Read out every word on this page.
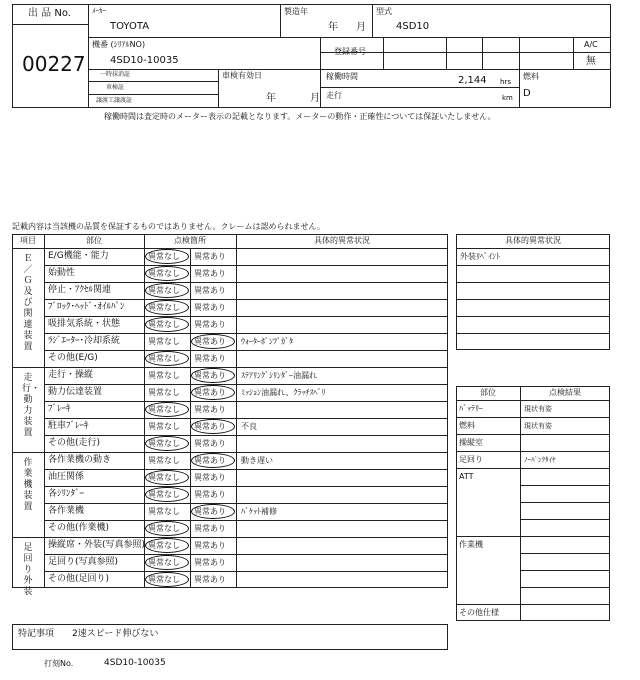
出 品 No.
00227
ﾒｰｶｰ
TOYOTA
製造年
年 月
型式
4SD10
機番 (ｼﾘｱﾙNO)
4SD10-10035
登録番号
A/C
無
一時抹消証
車検証
譲渡工譲渡証
車検有効日
年	月
稼働時間	2,144 hrs
走行	km
燃料
D
稼働時間は査定時のメーター表示の記載となります。メーターの動作・正確性については保証いたしません。
記載内容は当該機の品質を保証するものではありません。クレームは認められません。
項目	部位	点検箇所	具体的異常状況
Ｅ／Ｇ及び関連装置
E/G機能・能力	異常なし 異常あり
始動性	異常なし 異常あり
停止・ｱｸｾﾙ関連	異常なし 異常あり
ﾌﾞﾛｯｸ･ﾍｯﾄﾞ･ｵｲﾙﾊﾟﾝ	異常なし 異常あり
吸排気系統・状態	異常なし 異常あり
ﾗｼﾞｴｰﾀｰ･冷却系統	異常なし 異常あり ｳｫｰﾀｰﾎﾟﾝﾌﾟｶﾞﾀ
その他(E/G)	異常なし 異常あり
走行・動力装置
走行・操縦	異常なし 異常あり ｽﾃｱﾘﾝｸﾞｼﾘﾝﾀﾞｰ油漏れ
動力伝達装置	異常なし 異常あり ﾐｯｼｮﾝ油漏れ、ｸﾗｯﾁｽﾍﾞﾘ
ﾌﾞﾚｰｷ	異常なし 異常あり
駐車ﾌﾞﾚｰｷ	異常なし 異常あり 不良
その他(走行)	異常なし 異常あり
作業機装置
各作業機の動き	異常なし 異常あり 動き遅い
油圧関係	異常なし 異常あり
各ｼﾘﾝﾀﾞｰ	異常なし 異常あり
各作業機	異常なし 異常あり ﾊﾞｹｯﾄ補修
その他(作業機)	異常なし 異常あり
足回り外装
操縦席・外装(写真参照) 異常なし 異常あり
足回り(写真参照)	異常なし 異常あり
その他(足回り)	異常なし 異常あり
具体的異常状況
外装ﾘﾍﾟｲﾝﾄ
部位	点検結果
ﾊﾞｯﾃﾘｰ	現状有姿
燃料	現状有姿
操縦室
足回り	ﾉｰﾊﾟﾝｸﾀｲﾔ
ATT
作業機
その他仕様
特記事項 2速スピード伸びない
打刻No.	4SD10-10035
